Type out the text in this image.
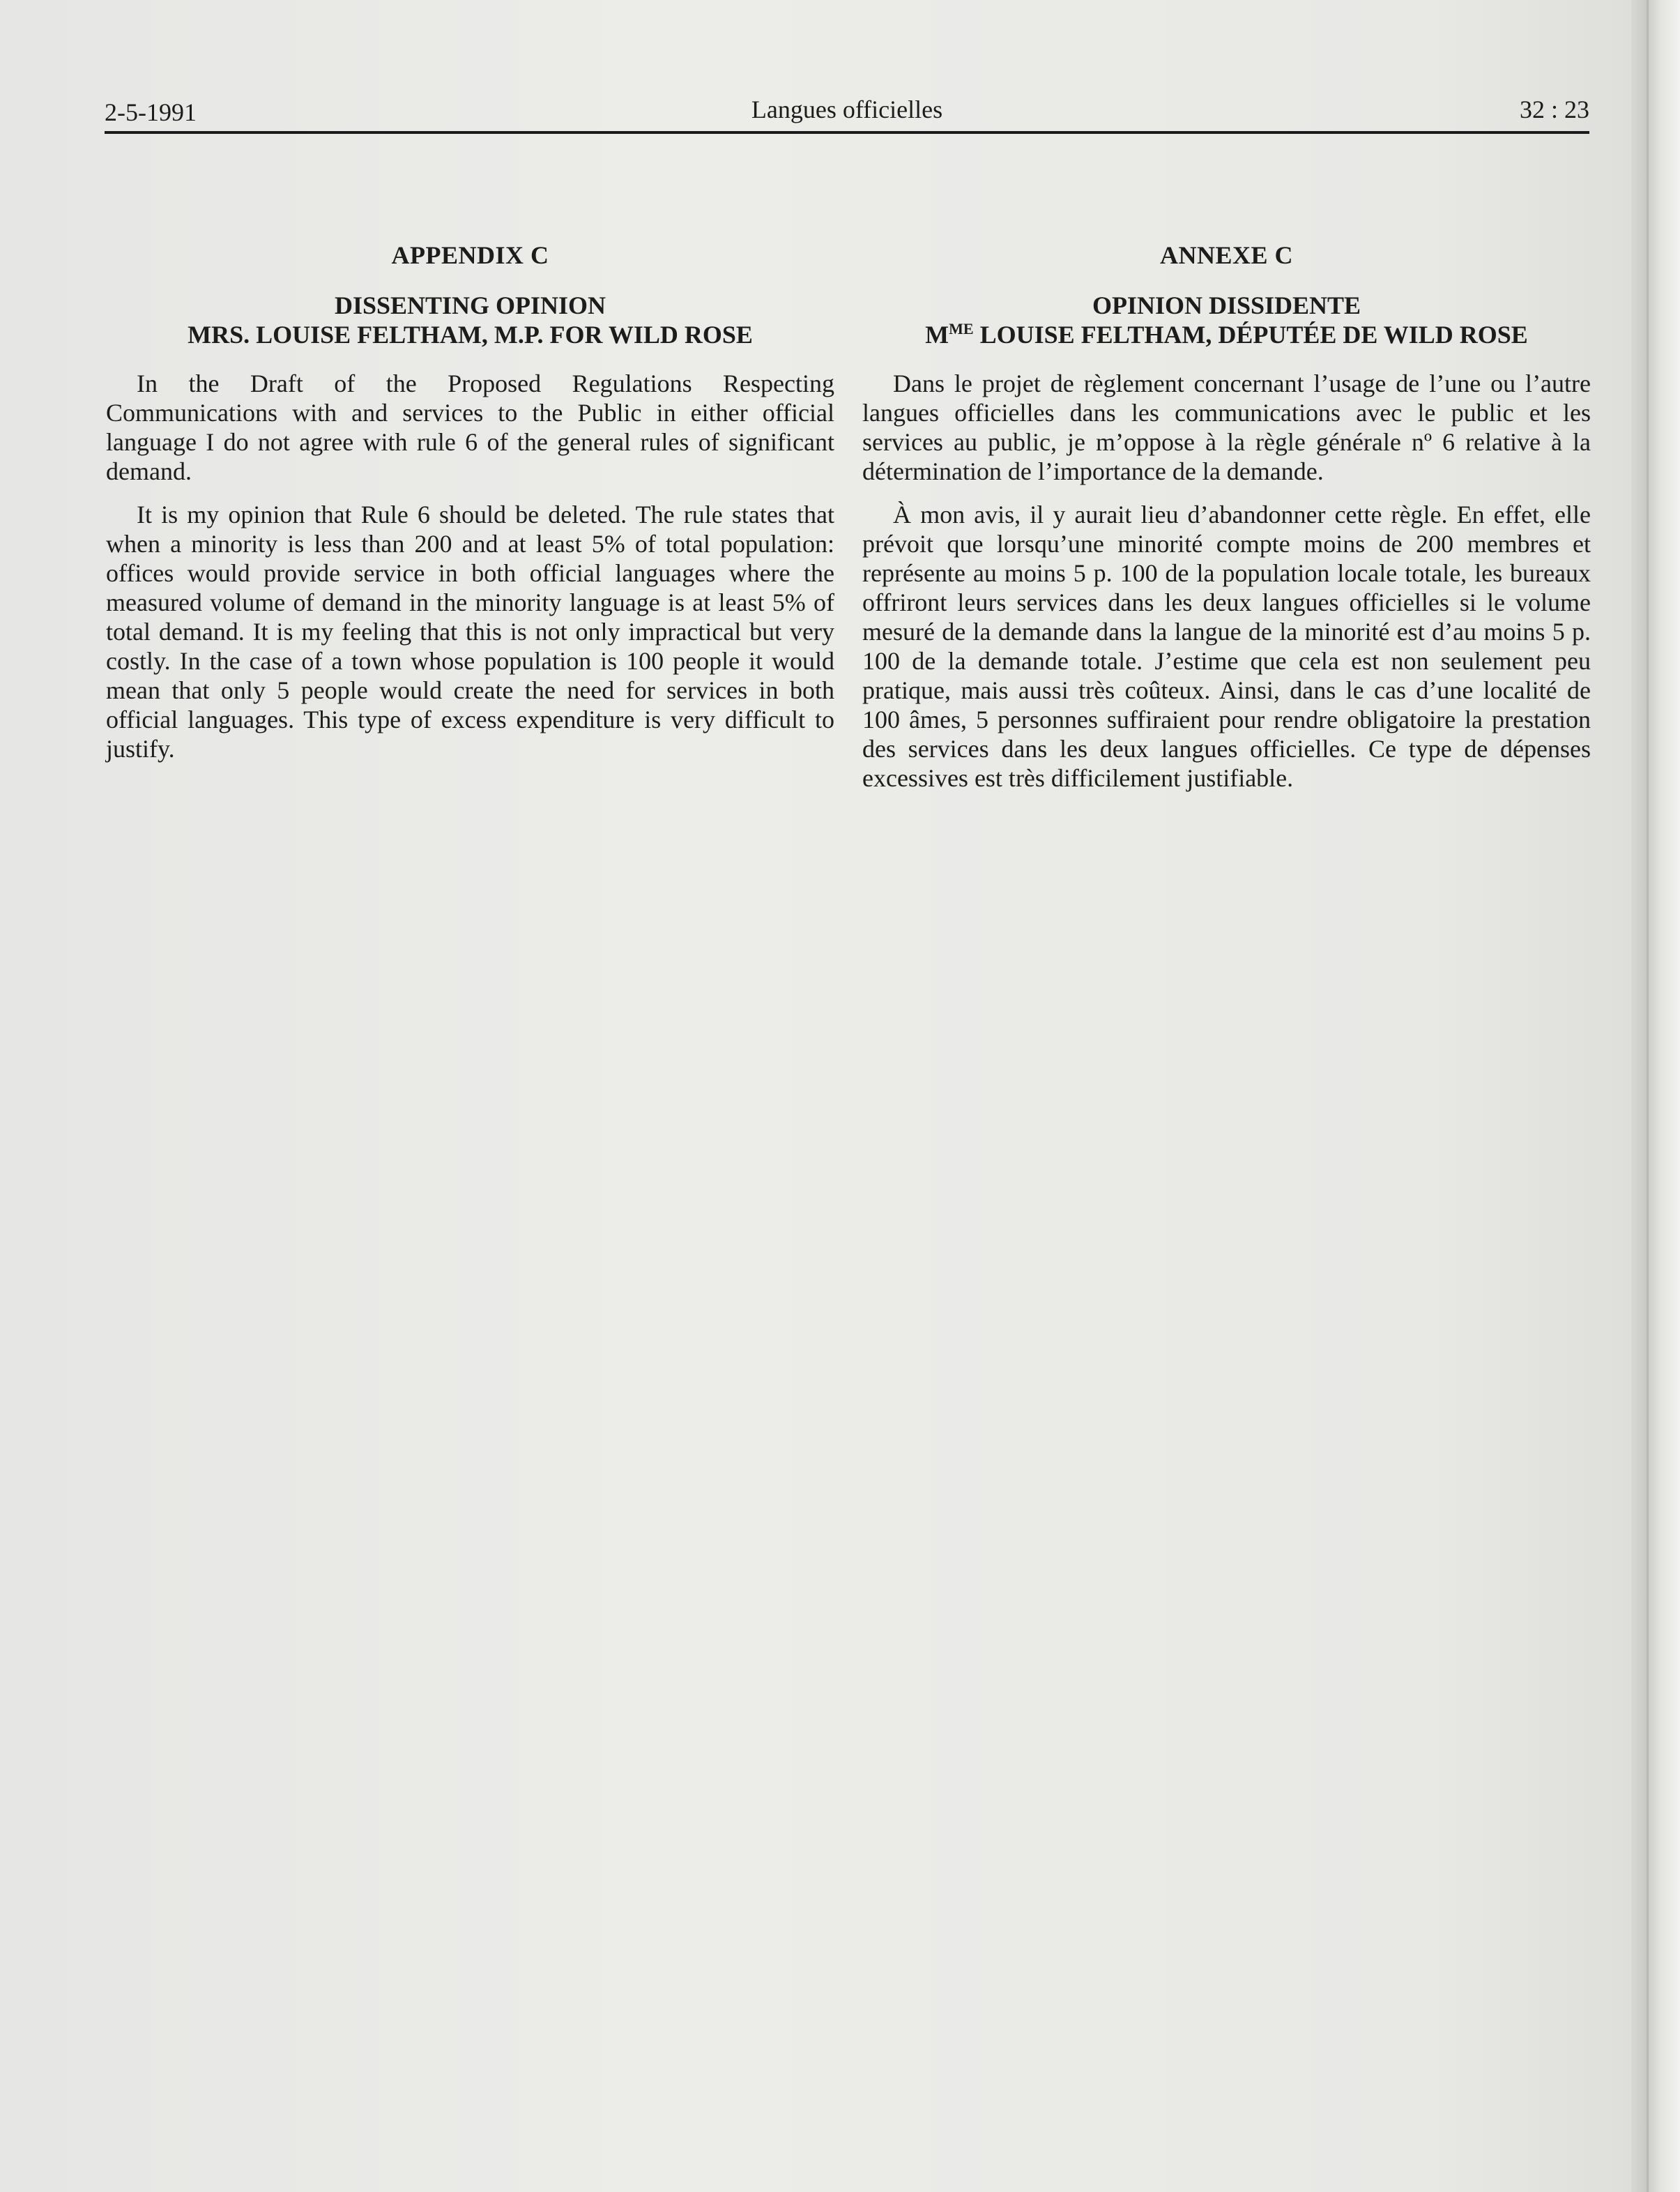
2-5-1991	Langues officielles	32 : 23
APPENDIX C
DISSENTING OPINION
MRS. LOUISE FELTHAM, M.P. FOR WILD ROSE

In the Draft of the Proposed Regulations Respecting Communications with and services to the Public in either official language I do not agree with rule 6 of the general rules of significant demand.

It is my opinion that Rule 6 should be deleted. The rule states that when a minority is less than 200 and at least 5% of total population: offices would provide service in both official languages where the measured volume of demand in the minority language is at least 5% of total demand. It is my feeling that this is not only impractical but very costly. In the case of a town whose population is 100 people it would mean that only 5 people would create the need for services in both official languages. This type of excess expenditure is very difficult to justify.

ANNEXE C
OPINION DISSIDENTE
$M^{ME}$ LOUISE FELTHAM, DÉPUTÉE DE WILD ROSE

Dans le projet de règlement concernant l’usage de l’une ou l’autre langues officielles dans les communications avec le public et les services au public, je m’oppose à la règle générale nº 6 relative à la détermination de l’importance de la demande.

À mon avis, il y aurait lieu d’abandonner cette règle. En effet, elle prévoit que lorsqu’une minorité compte moins de 200 membres et représente au moins 5 p. 100 de la population locale totale, les bureaux offriront leurs services dans les deux langues officielles si le volume mesuré de la demande dans la langue de la minorité est d’au moins 5 p. 100 de la demande totale. J’estime que cela est non seulement peu pratique, mais aussi très coûteux. Ainsi, dans le cas d’une localité de 100 âmes, 5 personnes suffiraient pour rendre obligatoire la prestation des services dans les deux langues officielles. Ce type de dépenses excessives est très difficilement justifiable.
